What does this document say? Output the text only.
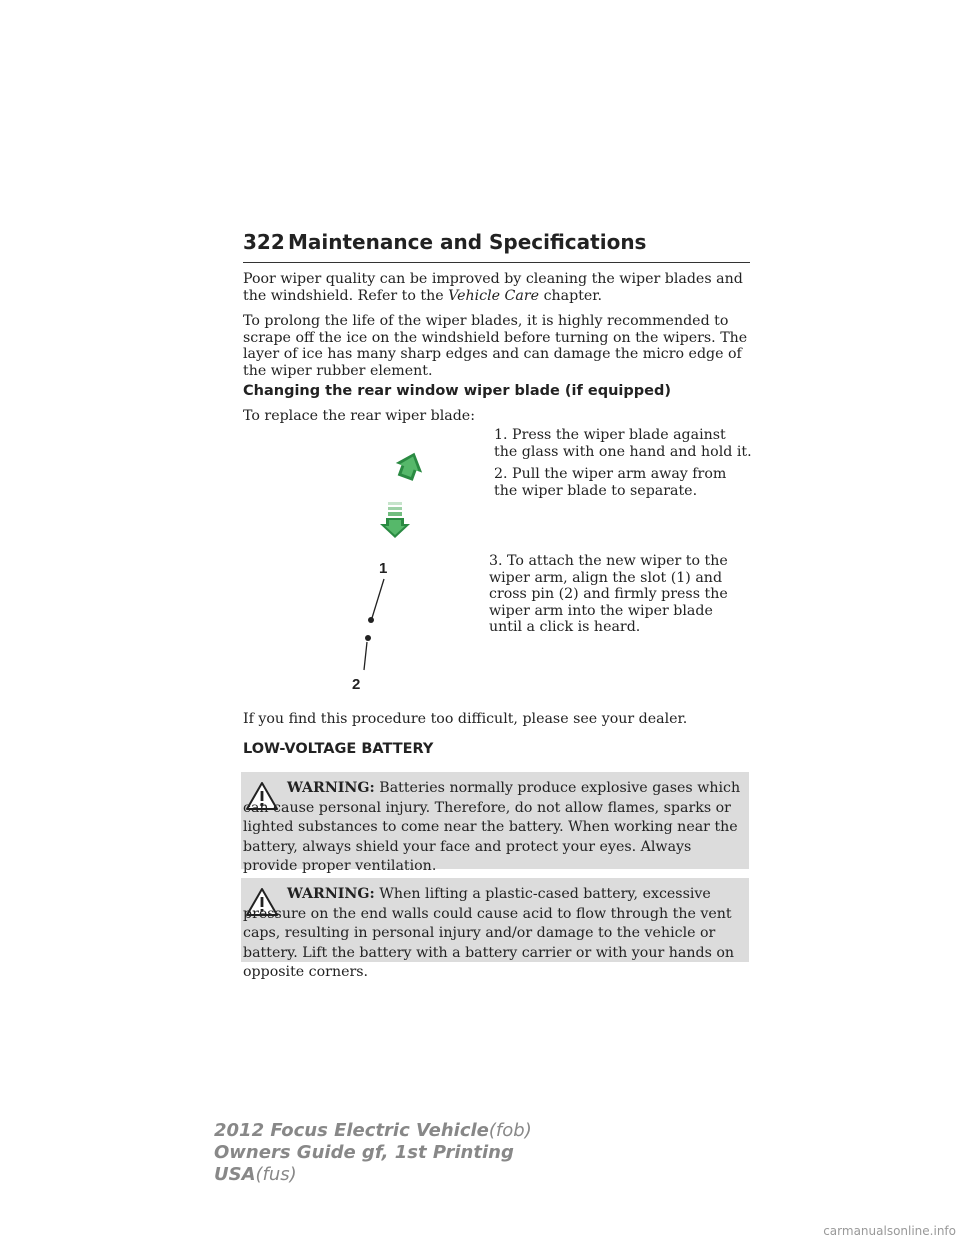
322 Maintenance and Specifications

Poor wiper quality can be improved by cleaning the wiper blades and the windshield. Refer to the Vehicle Care chapter.

To prolong the life of the wiper blades, it is highly recommended to scrape off the ice on the windshield before turning on the wipers. The layer of ice has many sharp edges and can damage the micro edge of the wiper rubber element.
Changing the rear window wiper blade (if equipped)
To replace the rear wiper blade:
1. Press the wiper blade against the glass with one hand and hold it.
2. Pull the wiper arm away from the wiper blade to separate.
3. To attach the new wiper to the wiper arm, align the slot (1) and cross pin (2) and firmly press the wiper arm into the wiper blade until a click is heard.
1
2
If you find this procedure too difficult, please see your dealer.
LOW-VOLTAGE BATTERY
WARNING: Batteries normally produce explosive gases which can cause personal injury. Therefore, do not allow flames, sparks or lighted substances to come near the battery. When working near the battery, always shield your face and protect your eyes. Always provide proper ventilation.
WARNING: When lifting a plastic-cased battery, excessive pressure on the end walls could cause acid to flow through the vent caps, resulting in personal injury and/or damage to the vehicle or battery. Lift the battery with a battery carrier or with your hands on opposite corners.
2012 Focus Electric Vehicle(fob)
Owners Guide gf, 1st Printing
USA(fus)
carmanualsonline.info
